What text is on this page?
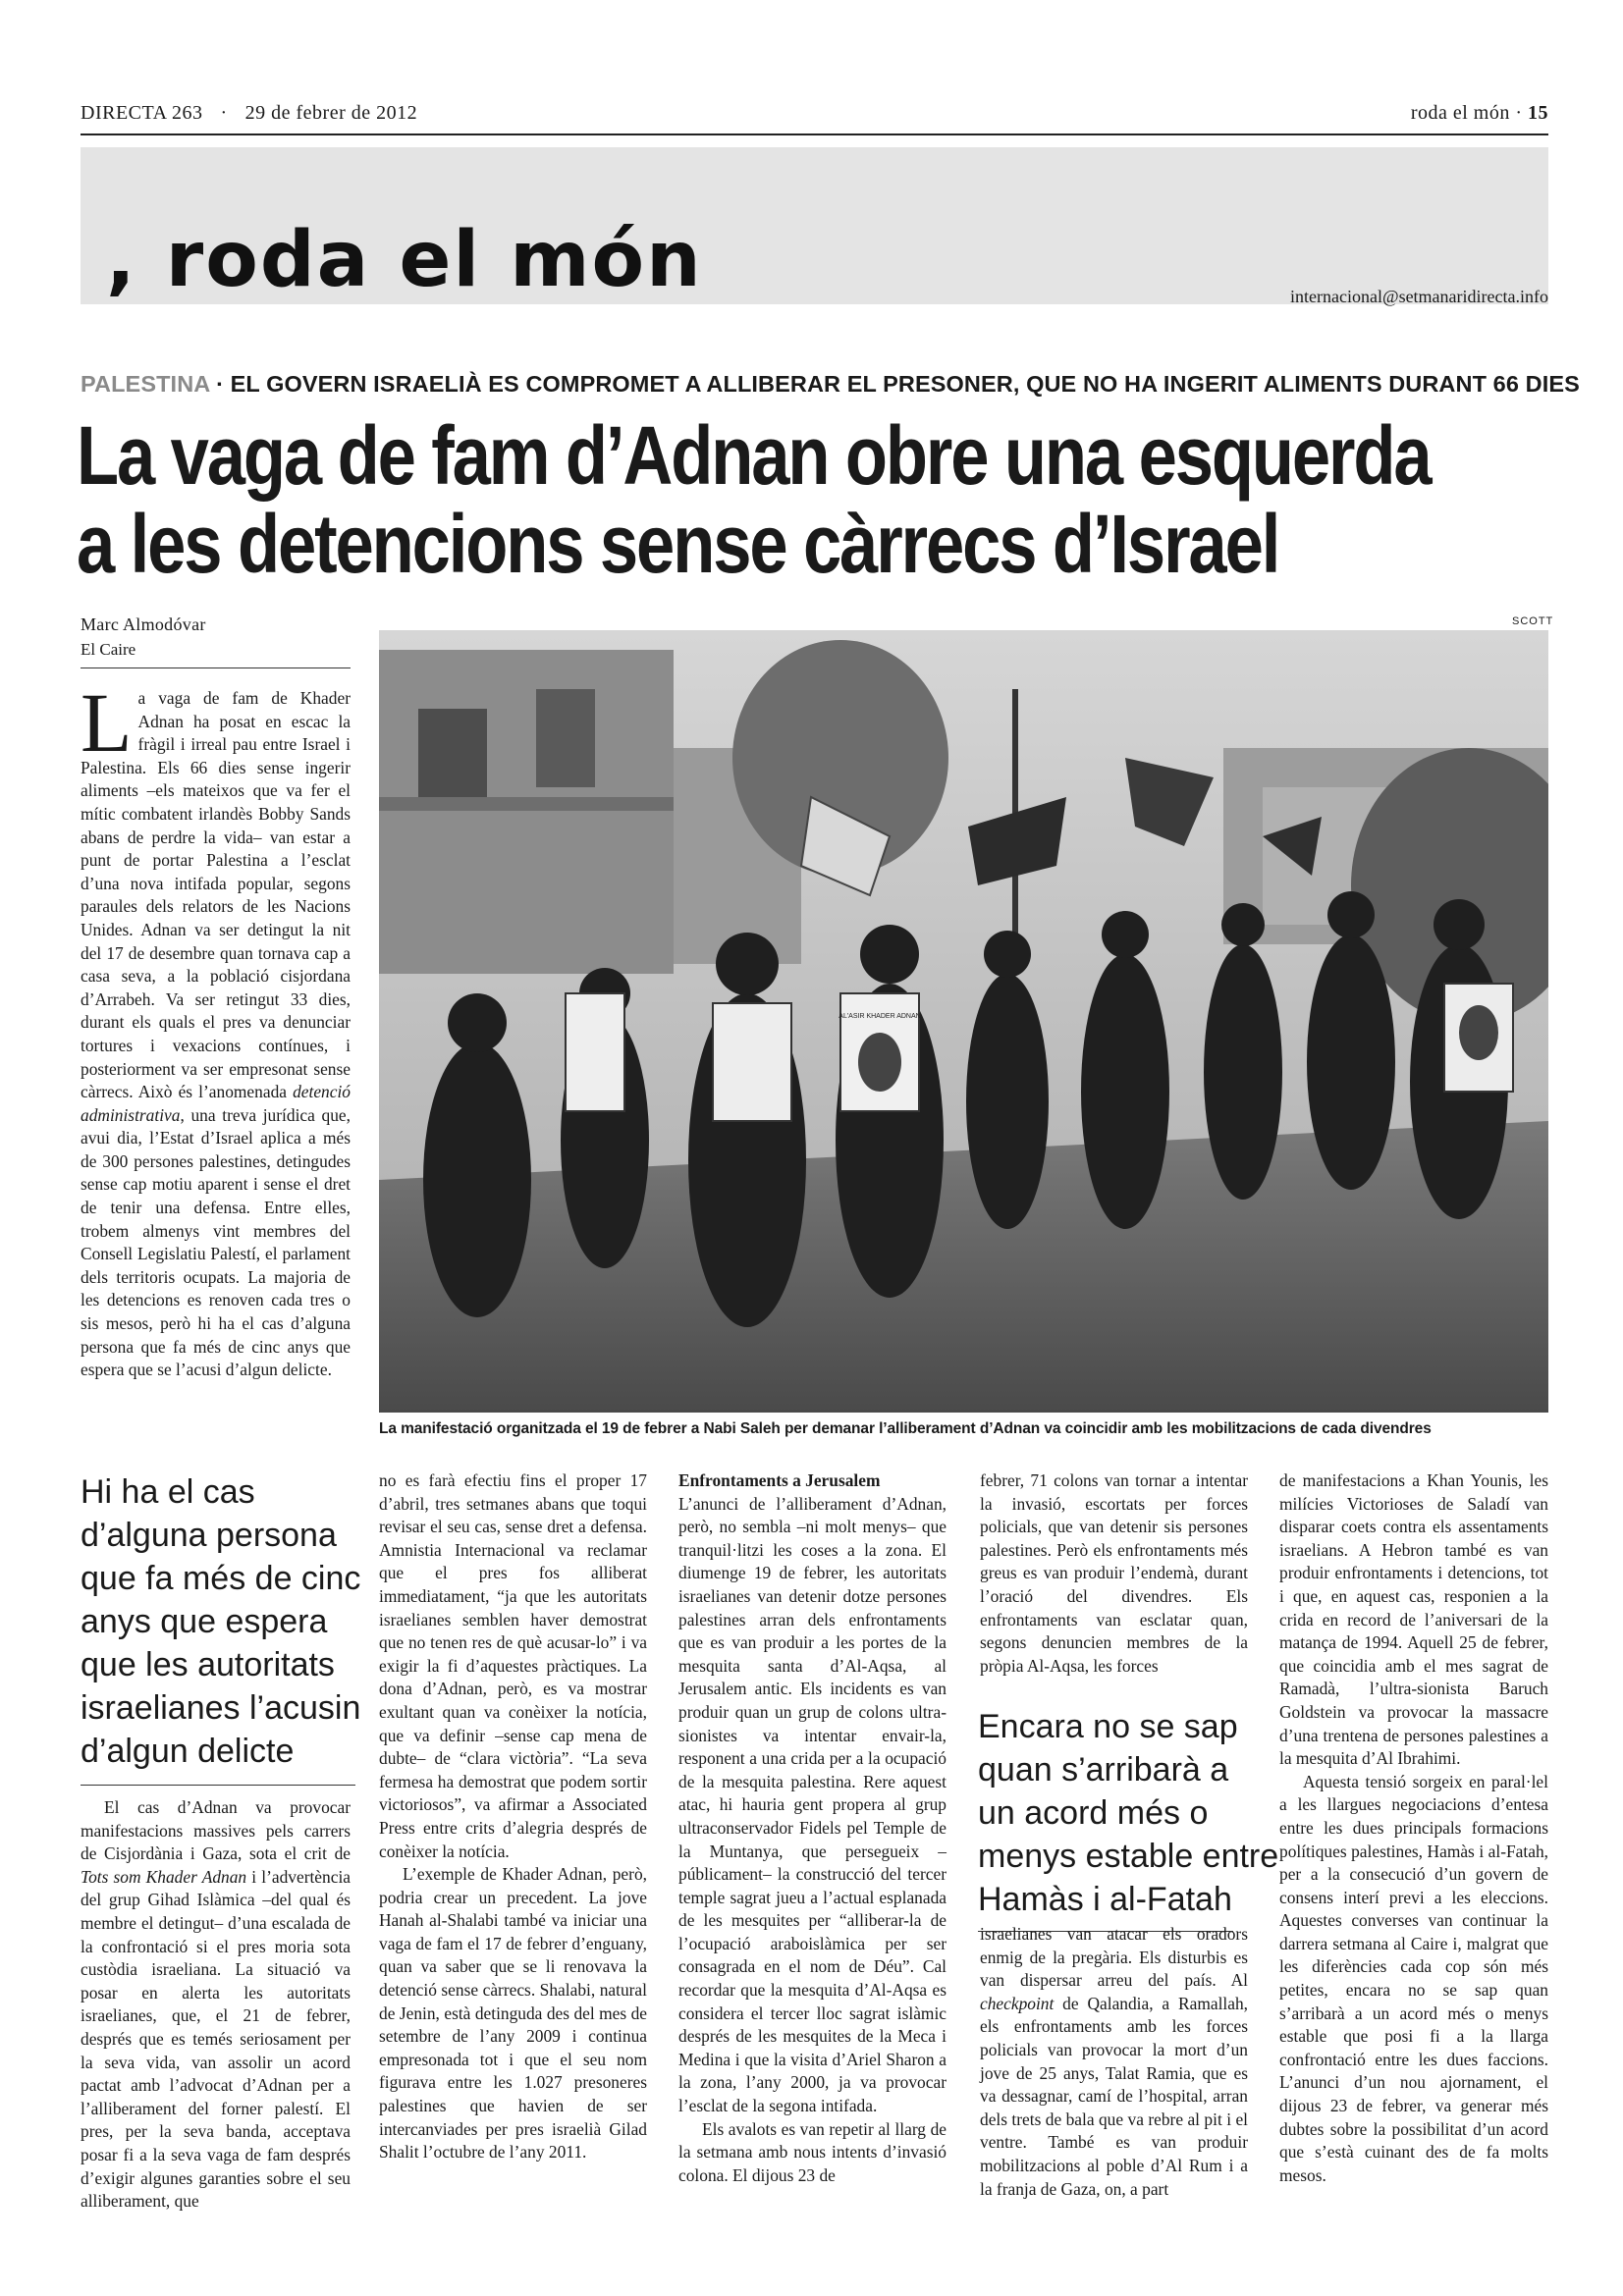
DIRECTA 263 · 29 de febrer de 2012	roda el món · 15
, roda el món	internacional@setmanaridirecta.info
PALESTINA · EL GOVERN ISRAELIÀ ES COMPROMET A ALLIBERAR EL PRESONER, QUE NO HA INGERIT ALIMENTS DURANT 66 DIES
La vaga de fam d’Adnan obre una esquerda
a les detencions sense càrrecs d’Israel
Marc Almodóvar
El Caire

La vaga de fam de Khader Adnan ha posat en escac la fràgil i irreal pau entre Israel i Palestina. Els 66 dies sense ingerir aliments –els mateixos que va fer el mític combatent irlandès Bobby Sands abans de perdre la vida– van estar a punt de portar Palestina a l’esclat d’una nova intifada popular, segons paraules dels relators de les Nacions Unides. Adnan va ser detingut la nit del 17 de desembre quan tornava cap a casa seva, a la població cisjordana d’Arrabeh. Va ser retingut 33 dies, durant els quals el pres va denunciar tortures i vexacions contínues, i posteriorment va ser empresonat sense càrrecs. Això és l’anomenada detenció administrativa, una treva jurídica que, avui dia, l’Estat d’Israel aplica a més de 300 persones palestines, detingudes sense cap motiu aparent i sense el dret de tenir una defensa. Entre elles, trobem almenys vint membres del Consell Legislatiu Palestí, el parlament dels territoris ocupats. La majoria de les detencions es renoven cada tres o sis mesos, però hi ha el cas d’alguna persona que fa més de cinc anys que espera que se l’acusi d’algun delicte.

SCOTT
AL'ASIR KHADER ADNAN
La manifestació organitzada el 19 de febrer a Nabi Saleh per demanar l’alliberament d’Adnan va coincidir amb les mobilitzacions de cada divendres
Hi ha el cas
d’alguna persona
que fa més de cinc
anys que espera
que les autoritats
israelianes l’acusin
d’algun delicte

El cas d’Adnan va provocar manifestacions massives pels carrers de Cisjordània i Gaza, sota el crit de Tots som Khader Adnan i l’advertència del grup Gihad Islàmica –del qual és membre el detingut– d’una escalada de la confrontació si el pres moria sota custòdia israeliana. La situació va posar en alerta les autoritats israelianes, que, el 21 de febrer, després que es temés seriosament per la seva vida, van assolir un acord pactat amb l’advocat d’Adnan per a l’alliberament del forner palestí. El pres, per la seva banda, acceptava posar fi a la seva vaga de fam després d’exigir algunes garanties sobre el seu alliberament, que

no es farà efectiu fins el proper 17 d’abril, tres setmanes abans que toqui revisar el seu cas, sense dret a defensa. Amnistia Internacional va reclamar que el pres fos alliberat immediatament, “ja que les autoritats israelianes semblen haver demostrat que no tenen res de què acusar-lo” i va exigir la fi d’aquestes pràctiques. La dona d’Adnan, però, es va mostrar exultant quan va conèixer la notícia, que va definir –sense cap mena de dubte– de “clara victòria”. “La seva fermesa ha demostrat que podem sortir victoriosos”, va afirmar a Associated Press entre crits d’alegria després de conèixer la notícia.

L’exemple de Khader Adnan, però, podria crear un precedent. La jove Hanah al-Shalabi també va iniciar una vaga de fam el 17 de febrer d’enguany, quan va saber que se li renovava la detenció sense càrrecs. Shalabi, natural de Jenin, està detinguda des del mes de setembre de l’any 2009 i continua empresonada tot i que el seu nom figurava entre les 1.027 presoneres palestines que havien de ser intercanviades per pres israelià Gilad Shalit l’octubre de l’any 2011.

Enfrontaments a Jerusalem

L’anunci de l’alliberament d’Adnan, però, no sembla –ni molt menys– que tranquil·litzi les coses a la zona. El diumenge 19 de febrer, les autoritats israelianes van detenir dotze persones palestines arran dels enfrontaments que es van produir a les portes de la mesquita santa d’Al-Aqsa, al Jerusalem antic. Els incidents es van produir quan un grup de colons ultra-sionistes va intentar envair-la, responent a una crida per a la ocupació de la mesquita palestina. Rere aquest atac, hi hauria gent propera al grup ultraconservador Fidels pel Temple de la Muntanya, que persegueix –públicament– la construcció del tercer temple sagrat jueu a l’actual esplanada de les mesquites per “alliberar-la de l’ocupació araboislàmica per ser consagrada en el nom de Déu”. Cal recordar que la mesquita d’Al-Aqsa es considera el tercer lloc sagrat islàmic després de les mesquites de la Meca i Medina i que la visita d’Ariel Sharon a la zona, l’any 2000, ja va provocar l’esclat de la segona intifada.

Els avalots es van repetir al llarg de la setmana amb nous intents d’invasió colona. El dijous 23 de

febrer, 71 colons van tornar a intentar la invasió, escortats per forces policials, que van detenir sis persones palestines. Però els enfrontaments més greus es van produir l’endemà, durant l’oració del divendres. Els enfrontaments van esclatar quan, segons denuncien membres de la pròpia Al-Aqsa, les forces

Encara no se sap
quan s’arribarà a
un acord més o
menys estable entre
Hamàs i al-Fatah

israelianes van atacar els oradors enmig de la pregària. Els disturbis es van dispersar arreu del país. Al checkpoint de Qalandia, a Ramallah, els enfrontaments amb les forces policials van provocar la mort d’un jove de 25 anys, Talat Ramia, que es va dessagnar, camí de l’hospital, arran dels trets de bala que va rebre al pit i el ventre. També es van produir mobilitzacions al poble d’Al Rum i a la franja de Gaza, on, a part

de manifestacions a Khan Younis, les milícies Victorioses de Saladí van disparar coets contra els assentaments israelians. A Hebron també es van produir enfrontaments i detencions, tot i que, en aquest cas, responien a la crida en record de l’aniversari de la matança de 1994. Aquell 25 de febrer, que coincidia amb el mes sagrat de Ramadà, l’ultra-sionista Baruch Goldstein va provocar la massacre d’una trentena de persones palestines a la mesquita d’Al Ibrahimi.

Aquesta tensió sorgeix en paral·lel a les llargues negociacions d’entesa entre les dues principals formacions polítiques palestines, Hamàs i al-Fatah, per a la consecució d’un govern de consens interí previ a les eleccions. Aquestes converses van continuar la darrera setmana al Caire i, malgrat que les diferències cada cop són més petites, encara no se sap quan s’arribarà a un acord més o menys estable que posi fi a la llarga confrontació entre les dues faccions. L’anunci d’un nou ajornament, el dijous 23 de febrer, va generar més dubtes sobre la possibilitat d’un acord que s’està cuinant des de fa molts mesos.
